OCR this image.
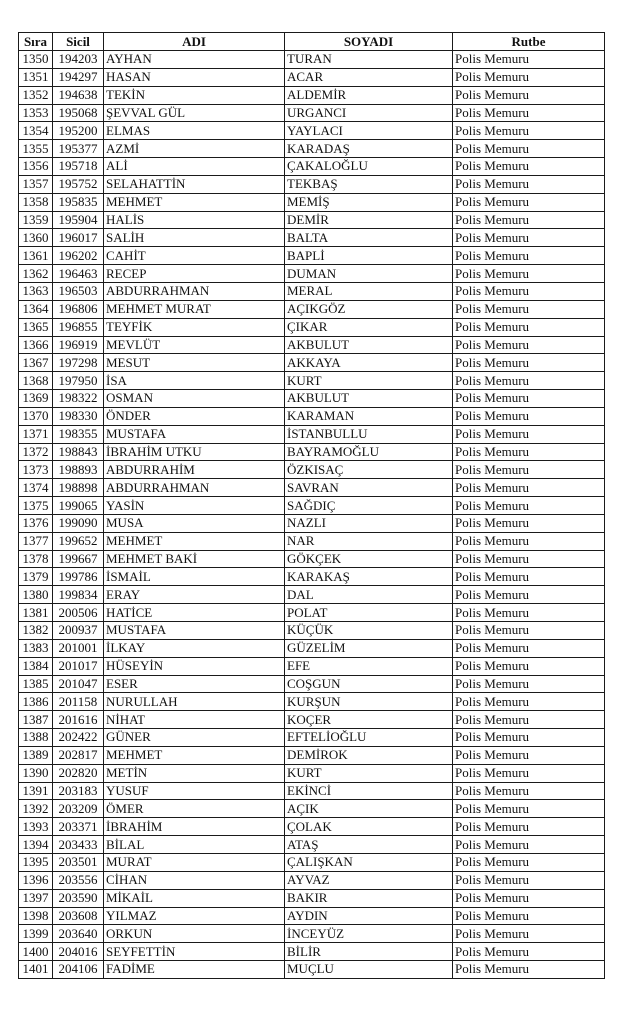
Sıra	Sicil	ADI	SOYADI	Rutbe
1350	194203	AYHAN	TURAN	Polis Memuru
1351	194297	HASAN	ACAR	Polis Memuru
1352	194638	TEKİN	ALDEMİR	Polis Memuru
1353	195068	ŞEVVAL GÜL	URGANCI	Polis Memuru
1354	195200	ELMAS	YAYLACI	Polis Memuru
1355	195377	AZMİ	KARADAŞ	Polis Memuru
1356	195718	ALİ	ÇAKALOĞLU	Polis Memuru
1357	195752	SELAHATTİN	TEKBAŞ	Polis Memuru
1358	195835	MEHMET	MEMİŞ	Polis Memuru
1359	195904	HALİS	DEMİR	Polis Memuru
1360	196017	SALİH	BALTA	Polis Memuru
1361	196202	CAHİT	BAPLİ	Polis Memuru
1362	196463	RECEP	DUMAN	Polis Memuru
1363	196503	ABDURRAHMAN	MERAL	Polis Memuru
1364	196806	MEHMET MURAT	AÇIKGÖZ	Polis Memuru
1365	196855	TEYFİK	ÇIKAR	Polis Memuru
1366	196919	MEVLÜT	AKBULUT	Polis Memuru
1367	197298	MESUT	AKKAYA	Polis Memuru
1368	197950	İSA	KURT	Polis Memuru
1369	198322	OSMAN	AKBULUT	Polis Memuru
1370	198330	ÖNDER	KARAMAN	Polis Memuru
1371	198355	MUSTAFA	İSTANBULLU	Polis Memuru
1372	198843	İBRAHİM UTKU	BAYRAMOĞLU	Polis Memuru
1373	198893	ABDURRAHİM	ÖZKISAÇ	Polis Memuru
1374	198898	ABDURRAHMAN	SAVRAN	Polis Memuru
1375	199065	YASİN	SAĞDIÇ	Polis Memuru
1376	199090	MUSA	NAZLI	Polis Memuru
1377	199652	MEHMET	NAR	Polis Memuru
1378	199667	MEHMET BAKİ	GÖKÇEK	Polis Memuru
1379	199786	İSMAİL	KARAKAŞ	Polis Memuru
1380	199834	ERAY	DAL	Polis Memuru
1381	200506	HATİCE	POLAT	Polis Memuru
1382	200937	MUSTAFA	KÜÇÜK	Polis Memuru
1383	201001	İLKAY	GÜZELİM	Polis Memuru
1384	201017	HÜSEYİN	EFE	Polis Memuru
1385	201047	ESER	COŞGUN	Polis Memuru
1386	201158	NURULLAH	KURŞUN	Polis Memuru
1387	201616	NİHAT	KOÇER	Polis Memuru
1388	202422	GÜNER	EFTELİOĞLU	Polis Memuru
1389	202817	MEHMET	DEMİROK	Polis Memuru
1390	202820	METİN	KURT	Polis Memuru
1391	203183	YUSUF	EKİNCİ	Polis Memuru
1392	203209	ÖMER	AÇIK	Polis Memuru
1393	203371	İBRAHİM	ÇOLAK	Polis Memuru
1394	203433	BİLAL	ATAŞ	Polis Memuru
1395	203501	MURAT	ÇALIŞKAN	Polis Memuru
1396	203556	CİHAN	AYVAZ	Polis Memuru
1397	203590	MİKAİL	BAKIR	Polis Memuru
1398	203608	YILMAZ	AYDIN	Polis Memuru
1399	203640	ORKUN	İNCEYÜZ	Polis Memuru
1400	204016	SEYFETTİN	BİLİR	Polis Memuru
1401	204106	FADİME	MUÇLU	Polis Memuru
